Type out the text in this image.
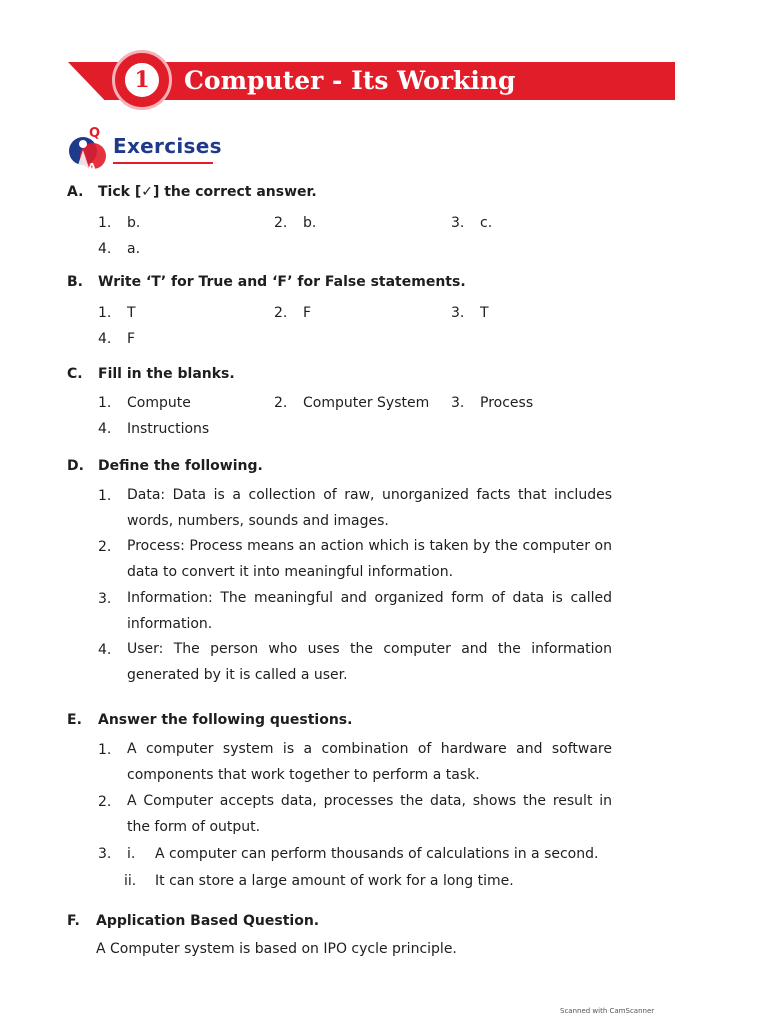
1	Computer - Its Working
Q
A
Exercises
A. Tick [✓] the correct answer.
1. b.	2. b.	3. c.
4. a.
B. Write ‘T’ for True and ‘F’ for False statements.
1. T	2. F	3. T
4. F
C. Fill in the blanks.
1. Compute	2. Computer System 3. Process
4. Instructions
D. Define the following.
1. Data: Data is a collection of raw, unorganized facts that includes words, numbers, sounds and images.
2. Process: Process means an action which is taken by the computer on data to convert it into meaningful information.
3. Information: The meaningful and organized form of data is called information.
4. User: The person who uses the computer and the information generated by it is called a user.
E. Answer the following questions.
1. A computer system is a combination of hardware and software components that work together to perform a task.
2. A Computer accepts data, processes the data, shows the result in the form of output.
3. i. A computer can perform thousands of calculations in a second.
ii. It can store a large amount of work for a long time.
F. Application Based Question.
A Computer system is based on IPO cycle principle.
Scanned with CamScanner
